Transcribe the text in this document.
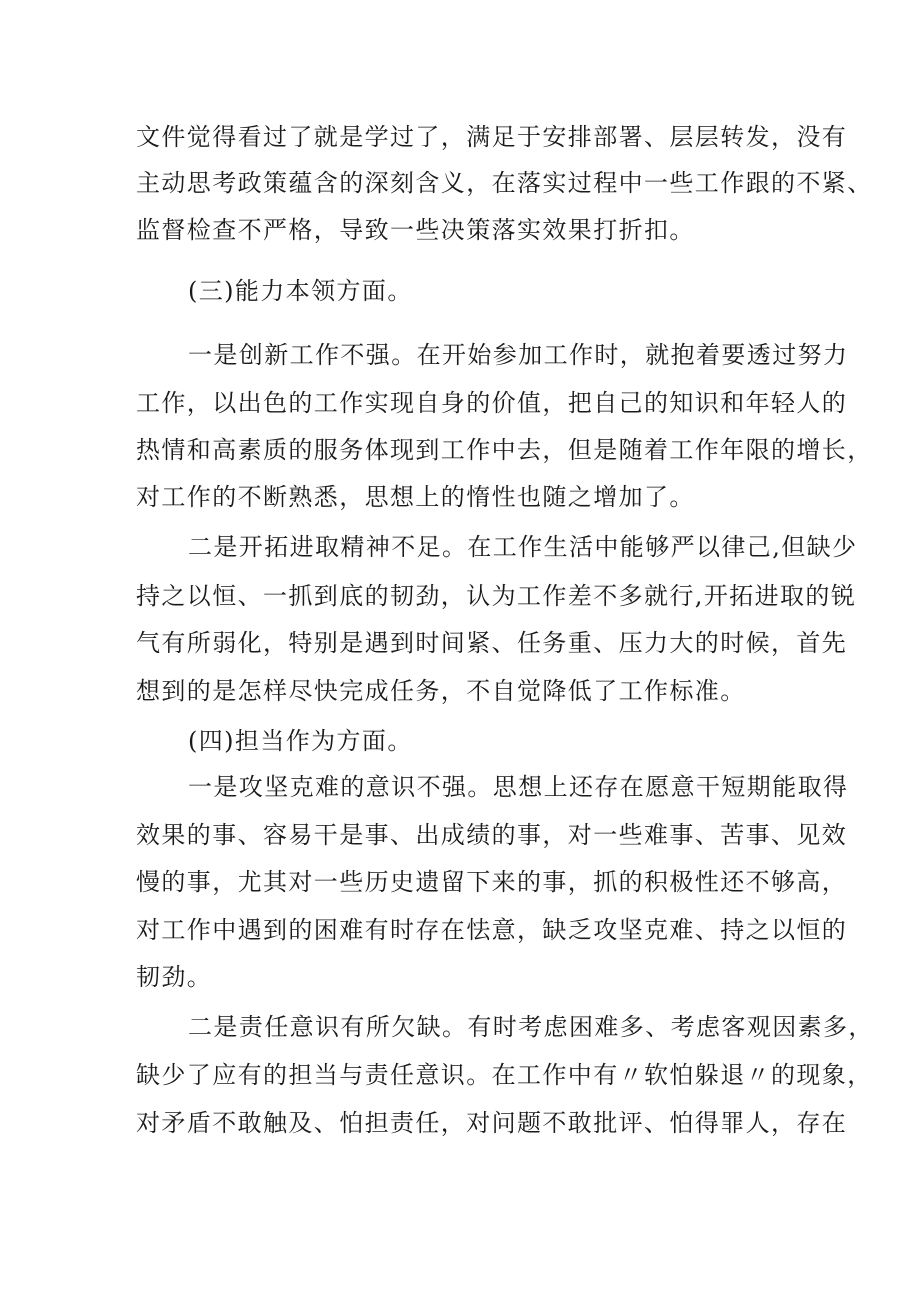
文件觉得看过了就是学过了，满足于安排部署、层层转发，没有
主动思考政策蕴含的深刻含义，在落实过程中一些工作跟的不紧、
监督检查不严格，导致一些决策落实效果打折扣。
(三)能力本领方面。
一是创新工作不强。在开始参加工作时，就抱着要透过努力
工作，以出色的工作实现自身的价值，把自己的知识和年轻人的
热情和高素质的服务体现到工作中去，但是随着工作年限的增长，
对工作的不断熟悉，思想上的惰性也随之增加了。
二是开拓进取精神不足。在工作生活中能够严以律己,但缺少
持之以恒、一抓到底的韧劲，认为工作差不多就行,开拓进取的锐
气有所弱化，特别是遇到时间紧、任务重、压力大的时候，首先
想到的是怎样尽快完成任务，不自觉降低了工作标准。
(四)担当作为方面。
一是攻坚克难的意识不强。思想上还存在愿意干短期能取得
效果的事、容易干是事、出成绩的事，对一些难事、苦事、见效
慢的事，尤其对一些历史遗留下来的事，抓的积极性还不够高，
对工作中遇到的困难有时存在怯意，缺乏攻坚克难、持之以恒的
韧劲。
二是责任意识有所欠缺。有时考虑困难多、考虑客观因素多，
缺少了应有的担当与责任意识。在工作中有〃软怕躲退〃的现象，
对矛盾不敢触及、怕担责任，对问题不敢批评、怕得罪人，存在
